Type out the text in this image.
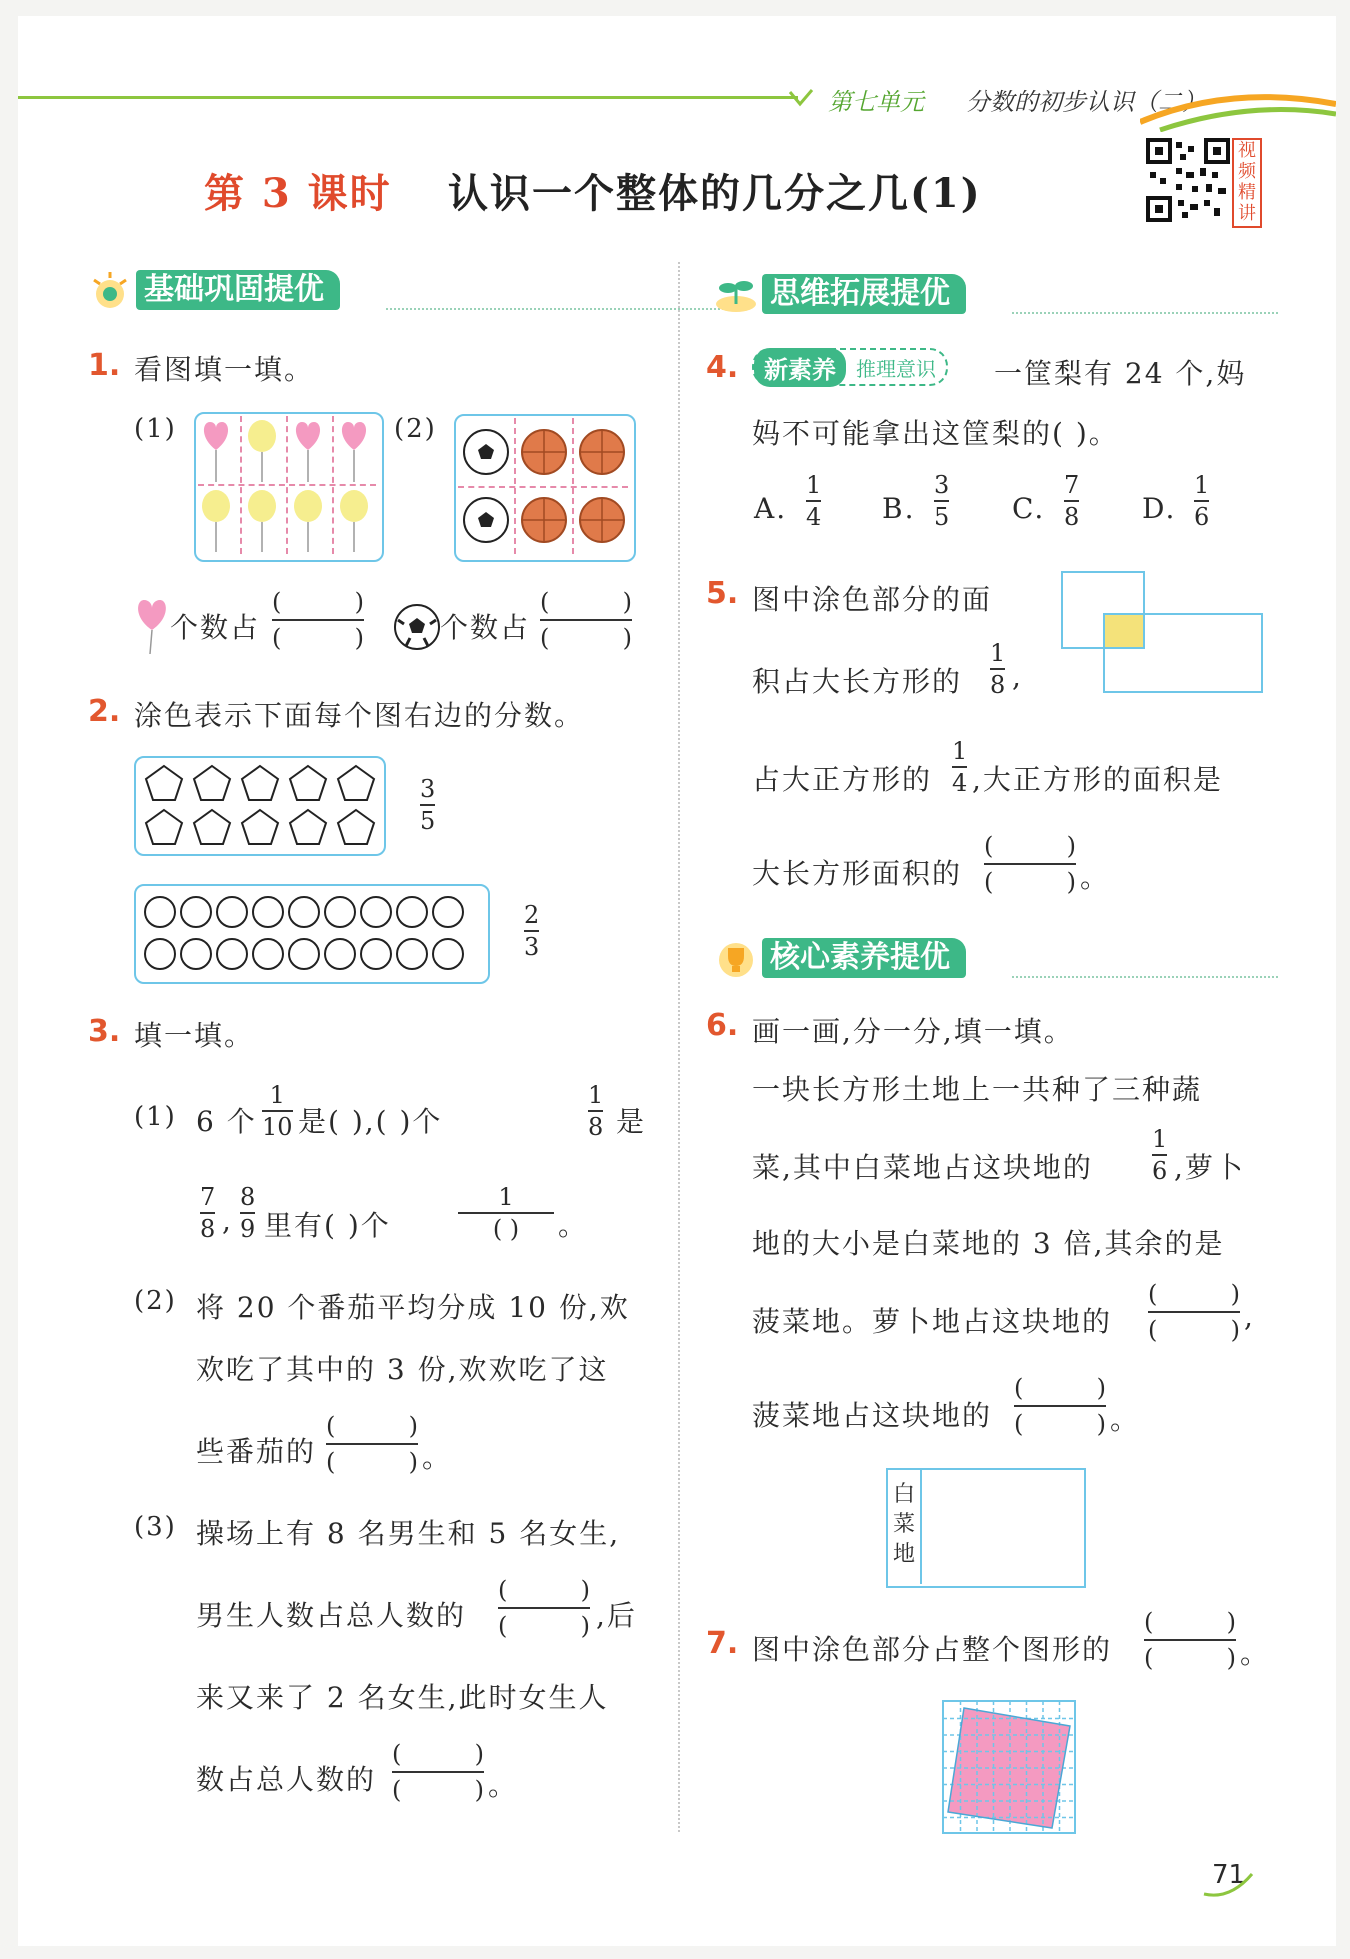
第七单元 分数的初步认识（二）
第 3 课时 认识一个整体的几分之几(1)
视
频
精
讲
基础巩固提优	思维拓展提优
核心素养提优
1. 看图填一填。
(1)	(2)
个数占
(	)
(	)	个数占
(	)
(	)
2. 涂色表示下面每个图右边的分数。
3
5
2
3
3. 填一填。
(1) 6 个
1
10 是( ),( )个
1
8 是
7
8 ,
8
9 里有( )个
1
( ) 。
(2) 将 20 个番茄平均分成 10 份,欢
欢吃了其中的 3 份,欢欢吃了这
些番茄的
(	)
(	) 。
(3) 操场上有 8 名男生和 5 名女生,
男生人数占总人数的
(	)
(	) ,后
来又来了 2 名女生,此时女生人
数占总人数的
(	)
(	) 。
4.	新素养	推理意识	一筐梨有 24 个,妈
妈不可能拿出这筐梨的( )。
A.
1
4 B.
3
5 C.
7
8 D.
1
6
5. 图中涂色部分的面
积占大长方形的
1
8 ,
占大正方形的
1
4 ,大正方形的面积是
大长方形面积的
(	)
(	) 。
6. 画一画,分一分,填一填。
一块长方形土地上一共种了三种蔬
菜,其中白菜地占这块地的
1
6 ,萝卜
地的大小是白菜地的 3 倍,其余的是
菠菜地。萝卜地占这块地的
(	)
(	) ,
菠菜地占这块地的
(	)
(	) 。
白
菜
地
7. 图中涂色部分占整个图形的
(	)
(	) 。
71
